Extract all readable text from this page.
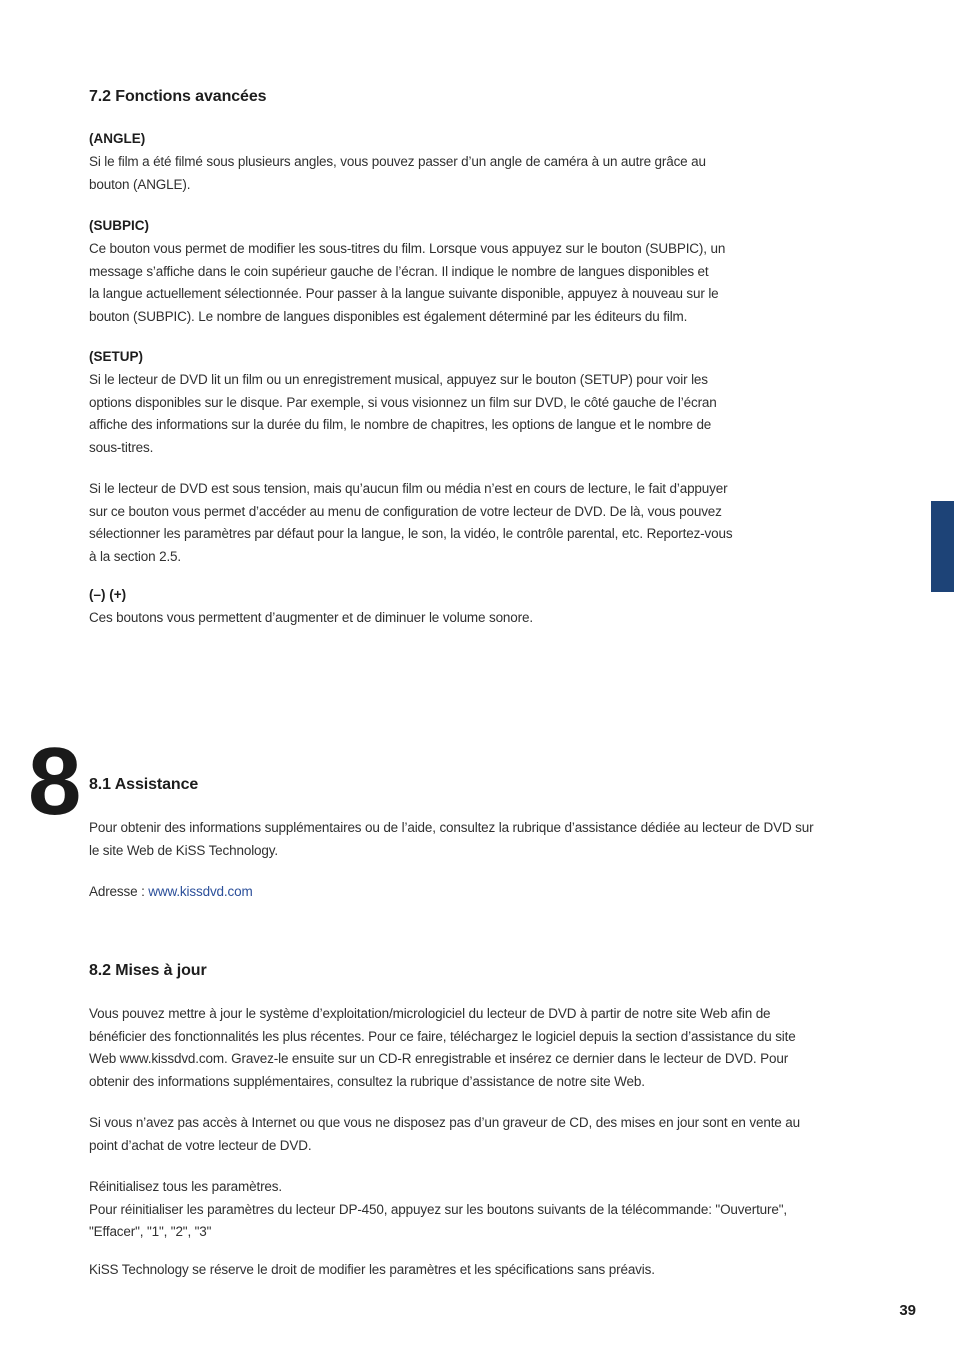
7.2 Fonctions avancées
(ANGLE)
Si le film a été filmé sous plusieurs angles, vous pouvez passer d’un angle de caméra à un autre grâce au
bouton (ANGLE).
(SUBPIC)
Ce bouton vous permet de modifier les sous-titres du film. Lorsque vous appuyez sur le bouton (SUBPIC), un
message s’affiche dans le coin supérieur gauche de l’écran. Il indique le nombre de langues disponibles et
la langue actuellement sélectionnée. Pour passer à la langue suivante disponible, appuyez à nouveau sur le
bouton (SUBPIC). Le nombre de langues disponibles est également déterminé par les éditeurs du film.
(SETUP)
Si le lecteur de DVD lit un film ou un enregistrement musical, appuyez sur le bouton (SETUP) pour voir les
options disponibles sur le disque. Par exemple, si vous visionnez un film sur DVD, le côté gauche de l’écran
affiche des informations sur la durée du film, le nombre de chapitres, les options de langue et le nombre de
sous-titres.
Si le lecteur de DVD est sous tension, mais qu’aucun film ou média n’est en cours de lecture, le fait d’appuyer
sur ce bouton vous permet d’accéder au menu de configuration de votre lecteur de DVD. De là, vous pouvez
sélectionner les paramètres par défaut pour la langue, le son, la vidéo, le contrôle parental, etc. Reportez-vous
à la section 2.5.
(–) (+)
Ces boutons vous permettent d’augmenter et de diminuer le volume sonore.
8 8.1 Assistance
Pour obtenir des informations supplémentaires ou de l’aide, consultez la rubrique d’assistance dédiée au lecteur de DVD sur
le site Web de KiSS Technology.
Adresse : www.kissdvd.com
8.2 Mises à jour
Vous pouvez mettre à jour le système d’exploitation/micrologiciel du lecteur de DVD à partir de notre site Web afin de
bénéficier des fonctionnalités les plus récentes. Pour ce faire, téléchargez le logiciel depuis la section d’assistance du site
Web www.kissdvd.com. Gravez-le ensuite sur un CD-R enregistrable et insérez ce dernier dans le lecteur de DVD. Pour
obtenir des informations supplémentaires, consultez la rubrique d’assistance de notre site Web.
Si vous n’avez pas accès à Internet ou que vous ne disposez pas d’un graveur de CD, des mises en jour sont en vente au
point d’achat de votre lecteur de DVD.
Réinitialisez tous les paramètres.
Pour réinitialiser les paramètres du lecteur DP-450, appuyez sur les boutons suivants de la télécommande: "Ouverture",
"Effacer", "1", "2", "3"
KiSS Technology se réserve le droit de modifier les paramètres et les spécifications sans préavis.
39
